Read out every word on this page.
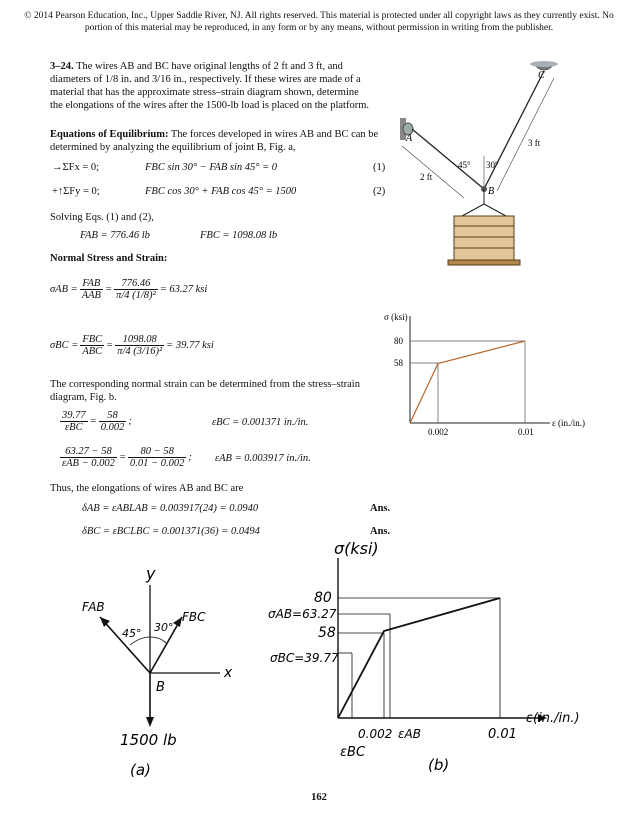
© 2014 Pearson Education, Inc., Upper Saddle River, NJ. All rights reserved. This material is protected under all copyright laws as they currently exist. No portion of this material may be reproduced, in any form or by any means, without permission in writing from the publisher.
3–24. The wires AB and BC have original lengths of 2 ft and 3 ft, and diameters of 1/8 in. and 3/16 in., respectively. If these wires are made of a material that has the approximate stress–strain diagram shown, determine the elongations of the wires after the 1500-lb load is placed on the platform.
Equations of Equilibrium: The forces developed in wires AB and BC can be determined by analyzing the equilibrium of joint B, Fig. a,
→ΣFx = 0;	FBC sin 30° − FAB sin 45° = 0	(1)
+↑ΣFy = 0;	FBC cos 30° + FAB cos 45° = 1500	(2)
Solving Eqs. (1) and (2),
FAB = 776.46 lb	FBC = 1098.08 lb
Normal Stress and Strain:
$\sigma AB = \frac{\text{FAB}}{\text{AAB}} = \frac{776.46}{\text{π/4 (1/8)²}} = 63.27$ ksi
$\sigma BC = \frac{\text{FBC}}{\text{ABC}} = \frac{1098.08}{\text{π/4 (3/16)²}} = 39.77$ ksi
The corresponding normal strain can be determined from the stress–strain diagram, Fig. b.
$\frac{39.77}{\text{εBC}} = \frac{58}{0.002}$ ;	εBC = 0.001371 in./in.
$\frac{63.27 - 58}{\text{εAB − 0.002}} = \frac{80 - 58}{0.01 - 0.002}$ ; εAB = 0.003917 in./in.
Thus, the elongations of wires AB and BC are
δAB = εABLAB = 0.003917(24) = 0.0940	Ans.
δBC = εBCLBC = 0.001371(36) = 0.0494	Ans.
A
C
B
2 ft
3 ft
45° 30°
σ (ksi)
80
58
0.002	0.01
ε (in./in.)
y
x
B
FAB
FBC
45° 30°
1500 lb
(a)
σ(ksi)
80
σAB=63.27
58
σBC=39.77
0.002 εAB	0.01
εBC
ε(in./in.)
(b)
162
